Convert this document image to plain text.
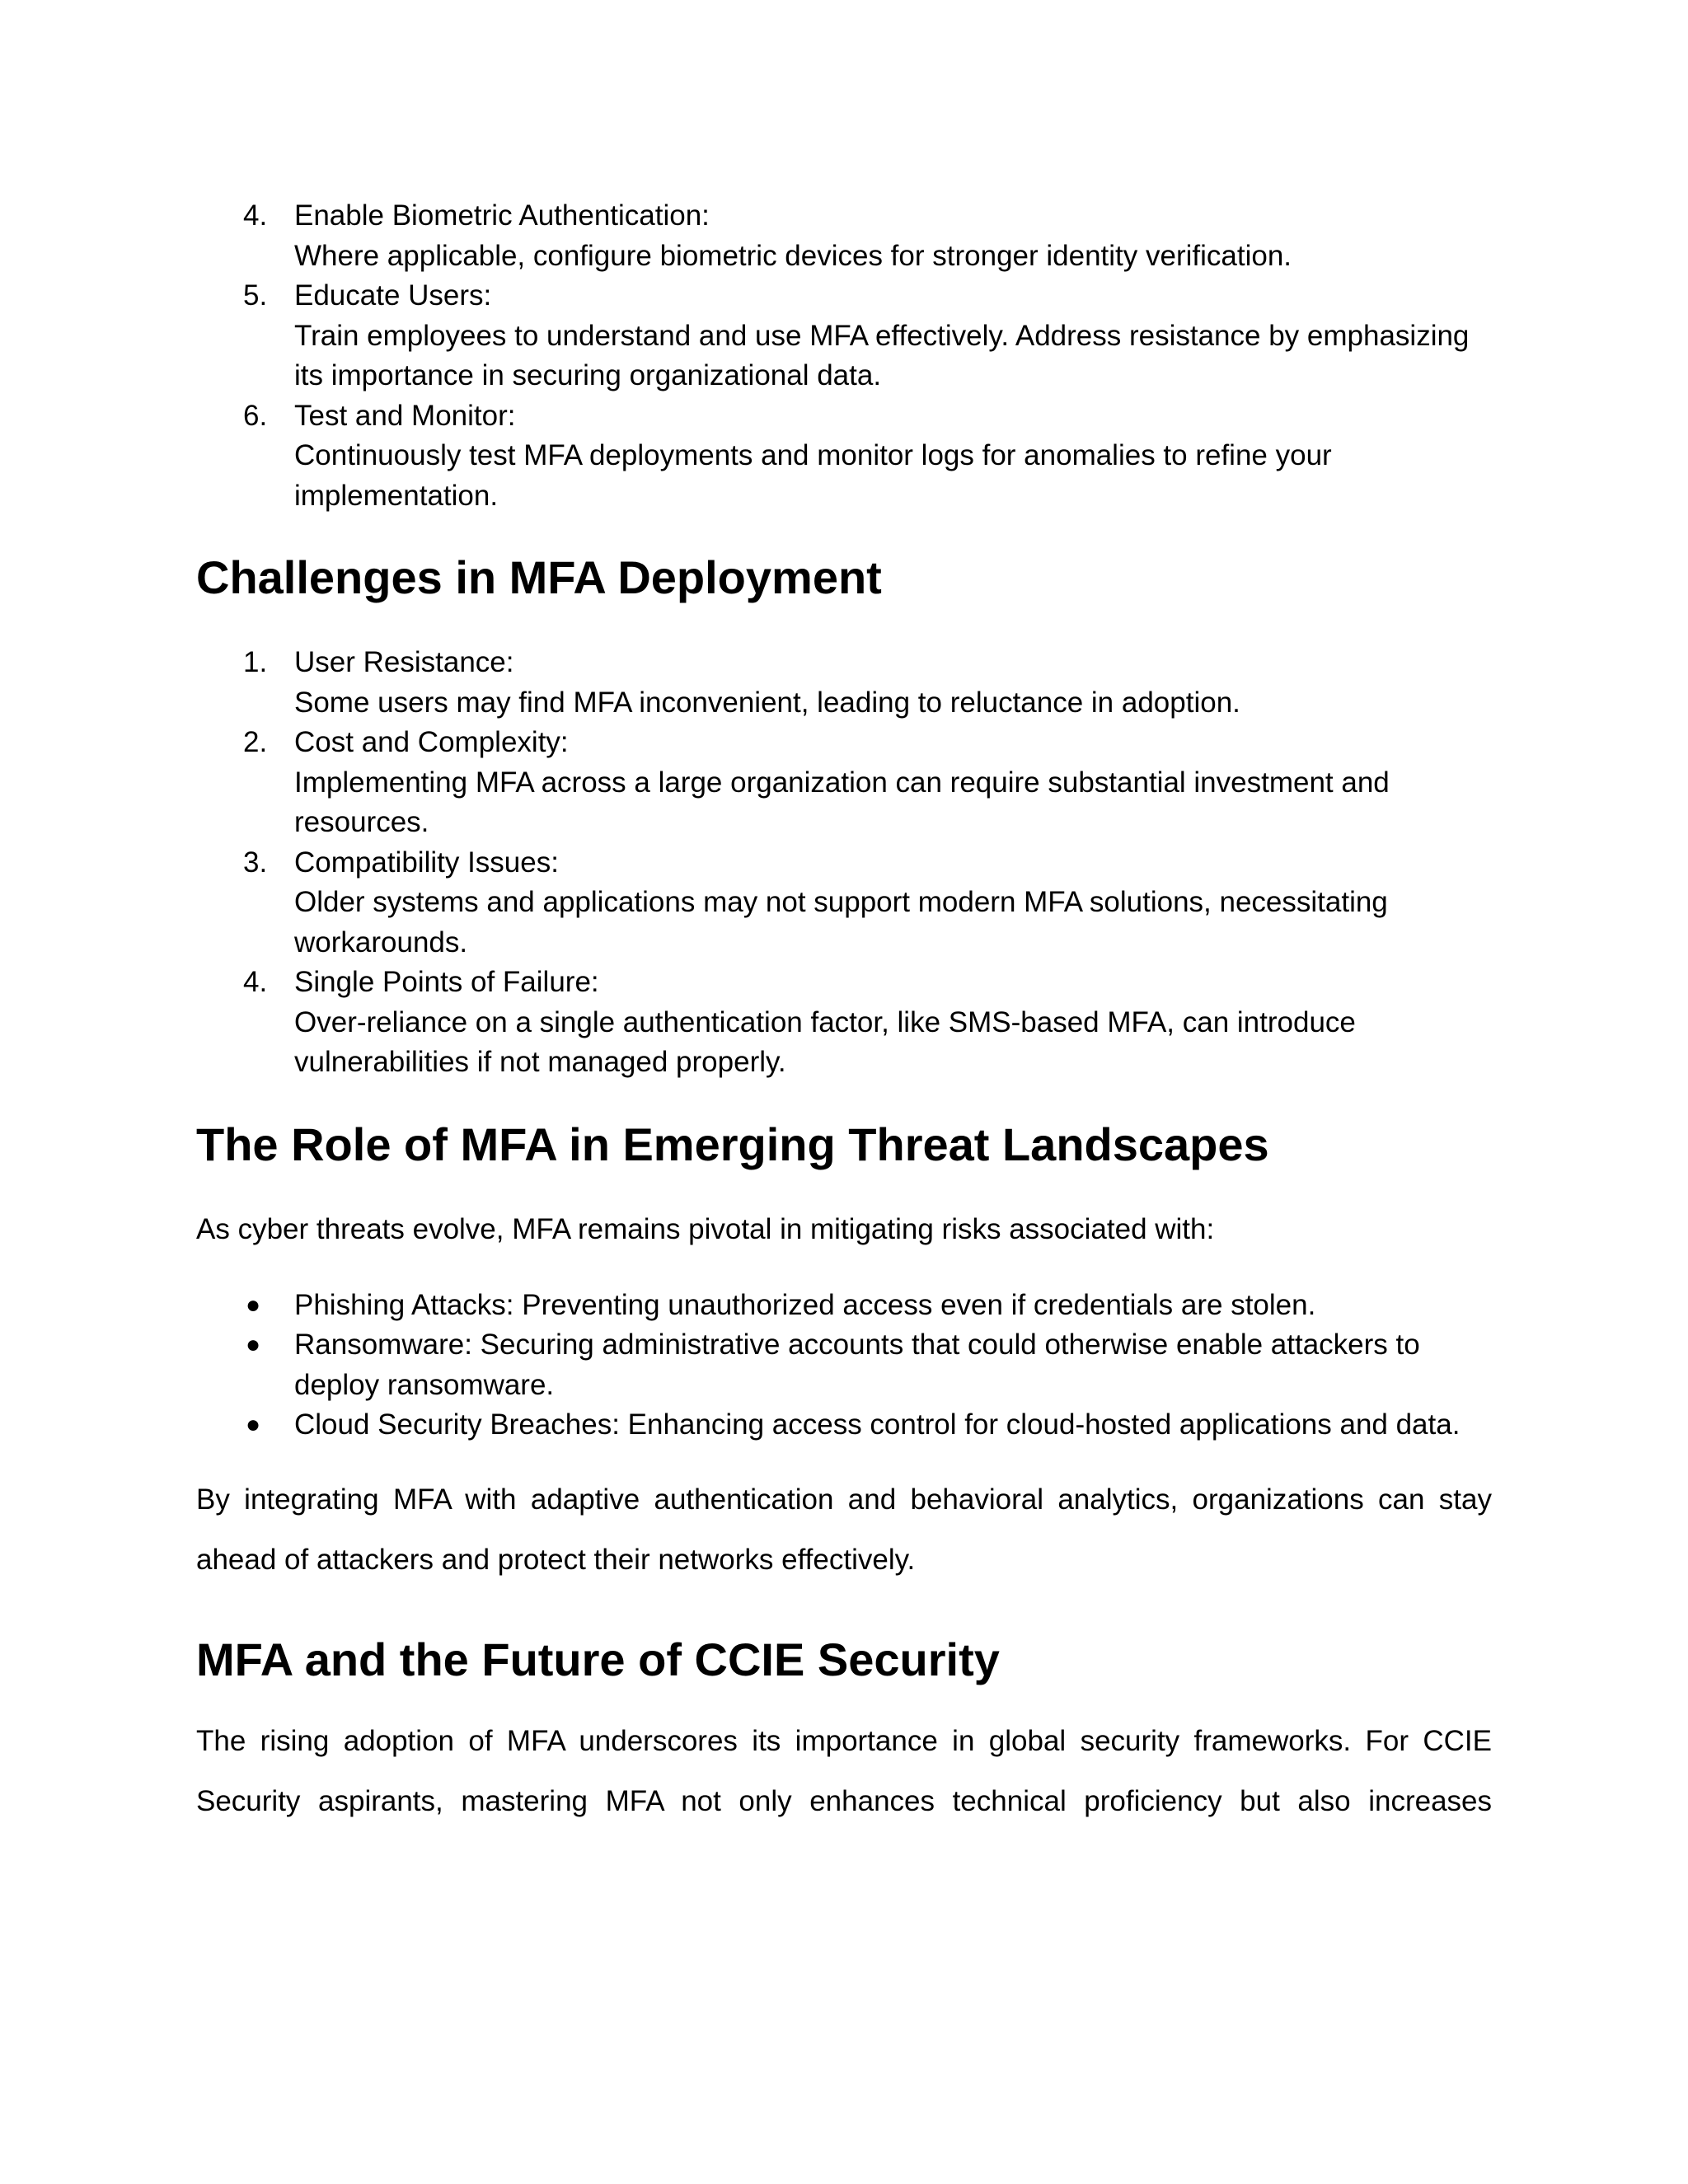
4. Enable Biometric Authentication:
Where applicable, configure biometric devices for stronger identity verification.
5. Educate Users:
Train employees to understand and use MFA effectively. Address resistance by emphasizing its importance in securing organizational data.
6. Test and Monitor:
Continuously test MFA deployments and monitor logs for anomalies to refine your implementation.
Challenges in MFA Deployment
1. User Resistance:
Some users may find MFA inconvenient, leading to reluctance in adoption.
2. Cost and Complexity:
Implementing MFA across a large organization can require substantial investment and resources.
3. Compatibility Issues:
Older systems and applications may not support modern MFA solutions, necessitating workarounds.
4. Single Points of Failure:
Over-reliance on a single authentication factor, like SMS-based MFA, can introduce vulnerabilities if not managed properly.
The Role of MFA in Emerging Threat Landscapes

As cyber threats evolve, MFA remains pivotal in mitigating risks associated with:

● Phishing Attacks: Preventing unauthorized access even if credentials are stolen.
● Ransomware: Securing administrative accounts that could otherwise enable attackers to deploy ransomware.
● Cloud Security Breaches: Enhancing access control for cloud-hosted applications and data.

By integrating MFA with adaptive authentication and behavioral analytics, organizations can stay ahead of attackers and protect their networks effectively.

MFA and the Future of CCIE Security

The rising adoption of MFA underscores its importance in global security frameworks. For CCIE Security aspirants, mastering MFA not only enhances technical proficiency but also increases
